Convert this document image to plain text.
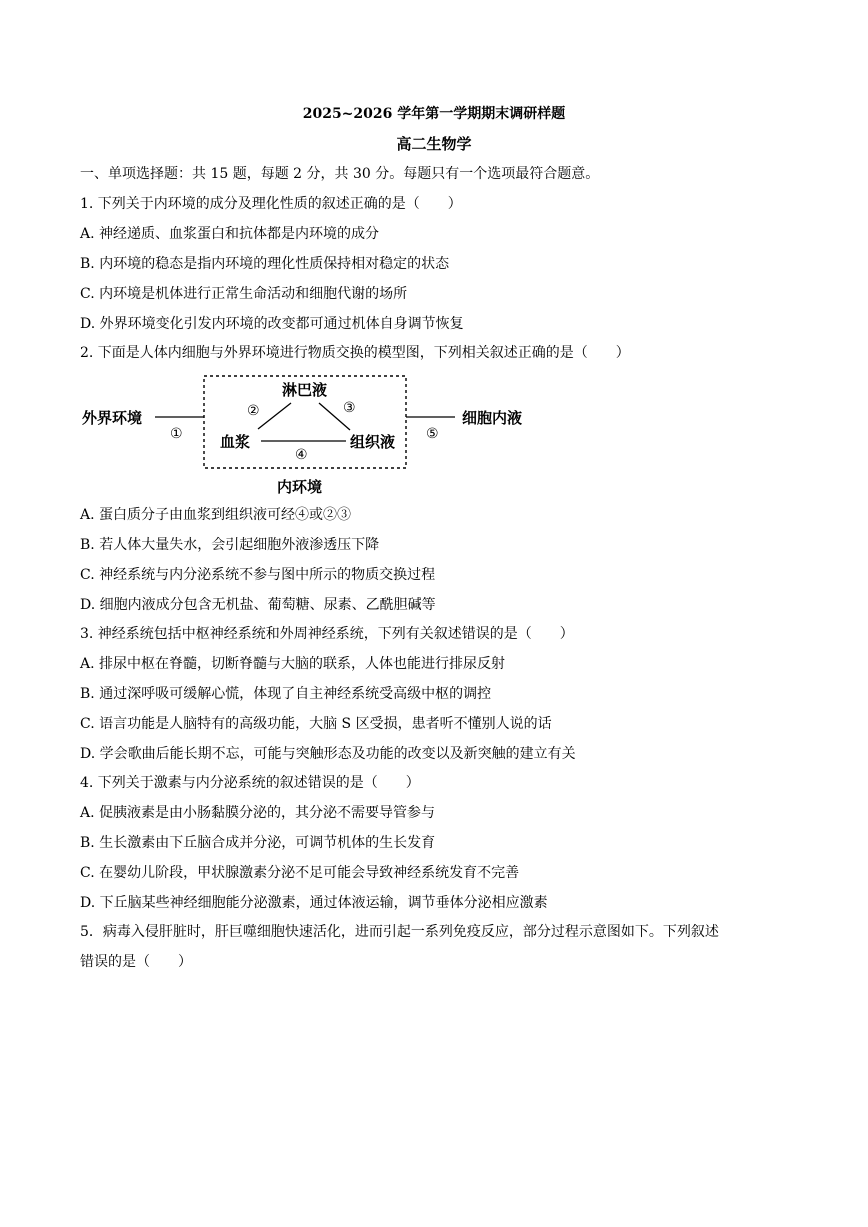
2025~2026 学年第一学期期末调研样题
高二生物学
一、单项选择题：共 15 题，每题 2 分，共 30 分。每题只有一个选项最符合题意。
1. 下列关于内环境的成分及理化性质的叙述正确的是（　　）
A. 神经递质、血浆蛋白和抗体都是内环境的成分
B. 内环境的稳态是指内环境的理化性质保持相对稳定的状态
C. 内环境是机体进行正常生命活动和细胞代谢的场所
D. 外界环境变化引发内环境的改变都可通过机体自身调节恢复
2. 下面是人体内细胞与外界环境进行物质交换的模型图，下列相关叙述正确的是（　　）
外界环境
淋巴液
血浆	组织液
细胞内液
内环境
①
②	③
④
⑤
A. 蛋白质分子由血浆到组织液可经④或②③
B. 若人体大量失水，会引起细胞外液渗透压下降
C. 神经系统与内分泌系统不参与图中所示的物质交换过程
D. 细胞内液成分包含无机盐、葡萄糖、尿素、乙酰胆碱等
3. 神经系统包括中枢神经系统和外周神经系统，下列有关叙述错误的是（　　）
A. 排尿中枢在脊髓，切断脊髓与大脑的联系，人体也能进行排尿反射
B. 通过深呼吸可缓解心慌，体现了自主神经系统受高级中枢的调控
C. 语言功能是人脑特有的高级功能，大脑 S 区受损，患者听不懂别人说的话
D. 学会歌曲后能长期不忘，可能与突触形态及功能的改变以及新突触的建立有关
4. 下列关于激素与内分泌系统的叙述错误的是（　　）
A. 促胰液素是由小肠黏膜分泌的，其分泌不需要导管参与
B. 生长激素由下丘脑合成并分泌，可调节机体的生长发育
C. 在婴幼儿阶段，甲状腺激素分泌不足可能会导致神经系统发育不完善
D. 下丘脑某些神经细胞能分泌激素，通过体液运输，调节垂体分泌相应激素
5．病毒入侵肝脏时，肝巨噬细胞快速活化，进而引起一系列免疫反应，部分过程示意图如下。下列叙述
错误的是（　　）
